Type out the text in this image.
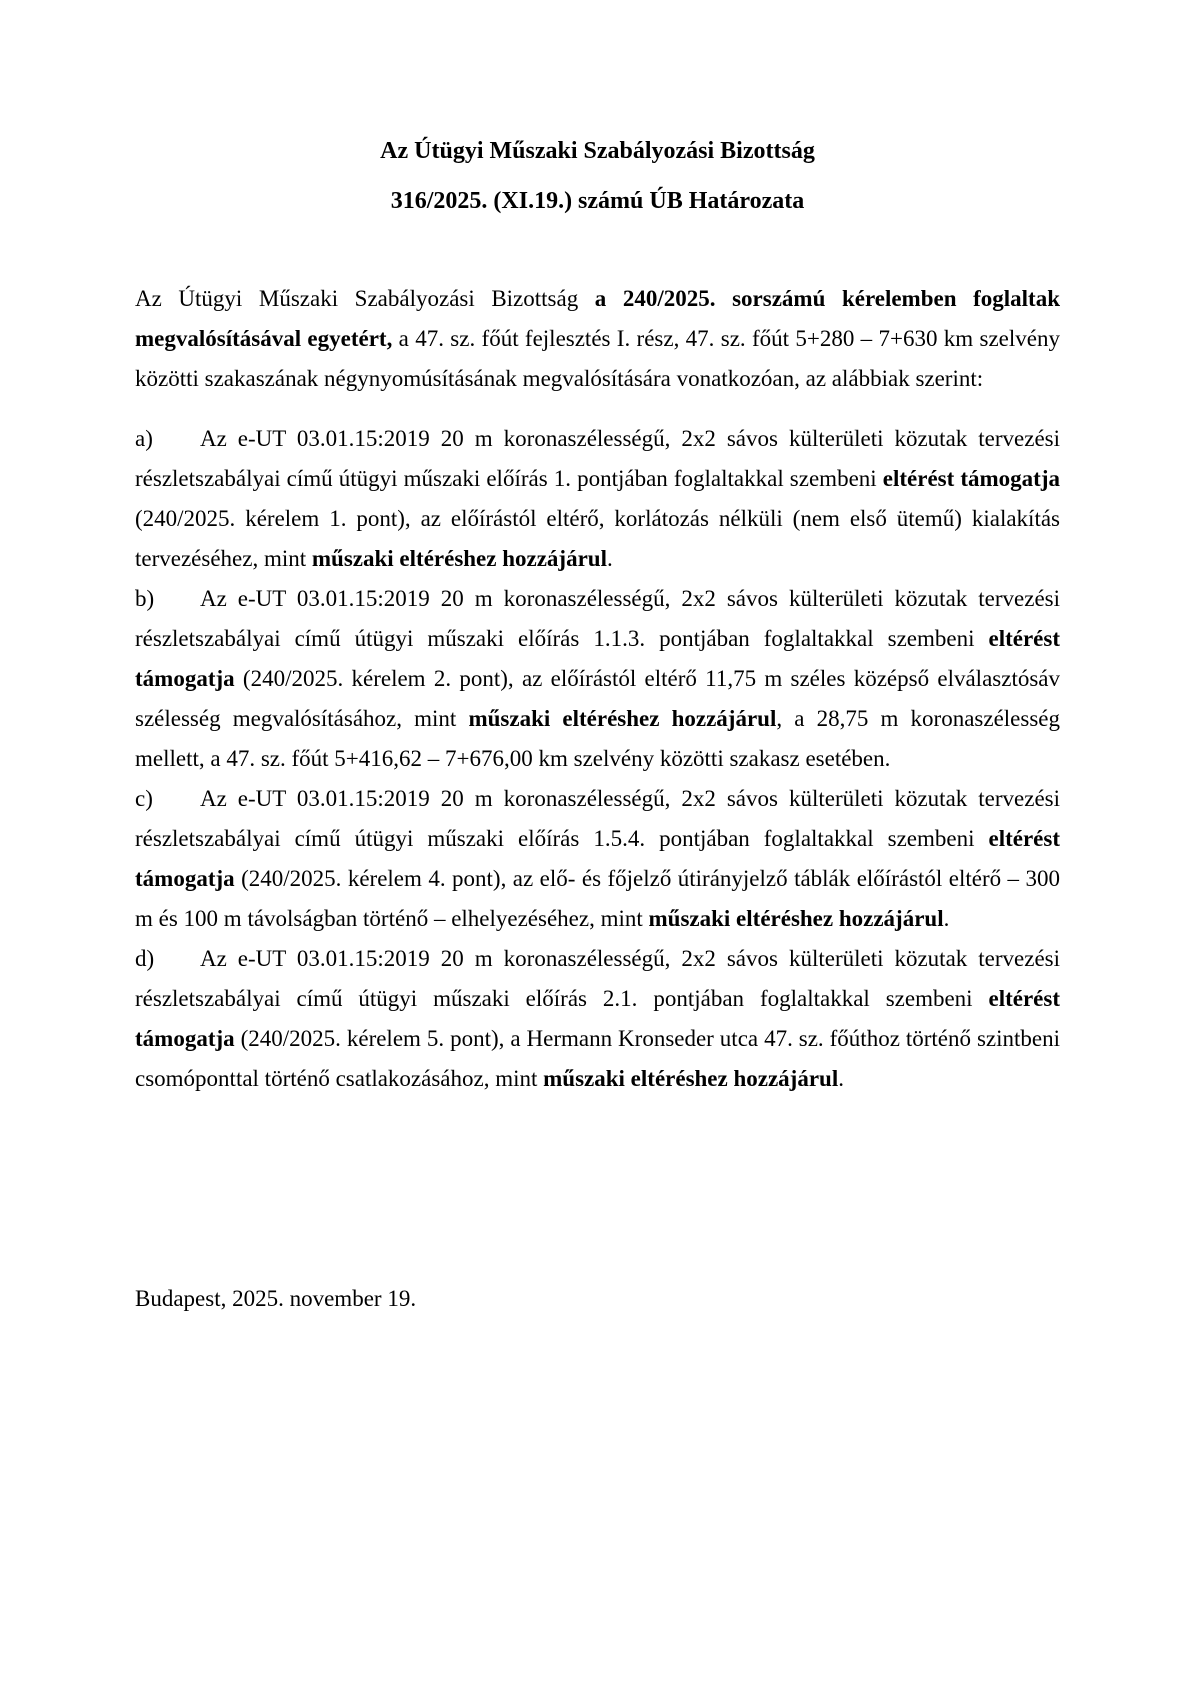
Az Útügyi Műszaki Szabályozási Bizottság

316/2025. (XI.19.) számú ÚB Határozata

Az Útügyi Műszaki Szabályozási Bizottság a 240/2025. sorszámú kérelemben foglaltak megvalósításával egyetért, a 47. sz. főút fejlesztés I. rész, 47. sz. főút 5+280 – 7+630 km szelvény közötti szakaszának négynyomúsításának megvalósítására vonatkozóan, az alábbiak szerint:

a) Az e-UT 03.01.15:2019 20 m koronaszélességű, 2x2 sávos külterületi közutak tervezési részletszabályai című útügyi műszaki előírás 1. pontjában foglaltakkal szembeni eltérést támogatja (240/2025. kérelem 1. pont), az előírástól eltérő, korlátozás nélküli (nem első ütemű) kialakítás tervezéséhez, mint műszaki eltéréshez hozzájárul.

b) Az e-UT 03.01.15:2019 20 m koronaszélességű, 2x2 sávos külterületi közutak tervezési részletszabályai című útügyi műszaki előírás 1.1.3. pontjában foglaltakkal szembeni eltérést támogatja (240/2025. kérelem 2. pont), az előírástól eltérő 11,75 m széles középső elválasztósáv szélesség megvalósításához, mint műszaki eltéréshez hozzájárul, a 28,75 m koronaszélesség mellett, a 47. sz. főút 5+416,62 – 7+676,00 km szelvény közötti szakasz esetében.

c) Az e-UT 03.01.15:2019 20 m koronaszélességű, 2x2 sávos külterületi közutak tervezési részletszabályai című útügyi műszaki előírás 1.5.4. pontjában foglaltakkal szembeni eltérést támogatja (240/2025. kérelem 4. pont), az elő- és főjelző útirányjelző táblák előírástól eltérő – 300 m és 100 m távolságban történő – elhelyezéséhez, mint műszaki eltéréshez hozzájárul.

d) Az e-UT 03.01.15:2019 20 m koronaszélességű, 2x2 sávos külterületi közutak tervezési részletszabályai című útügyi műszaki előírás 2.1. pontjában foglaltakkal szembeni eltérést támogatja (240/2025. kérelem 5. pont), a Hermann Kronseder utca 47. sz. főúthoz történő szintbeni csomóponttal történő csatlakozásához, mint műszaki eltéréshez hozzájárul.

Budapest, 2025. november 19.
